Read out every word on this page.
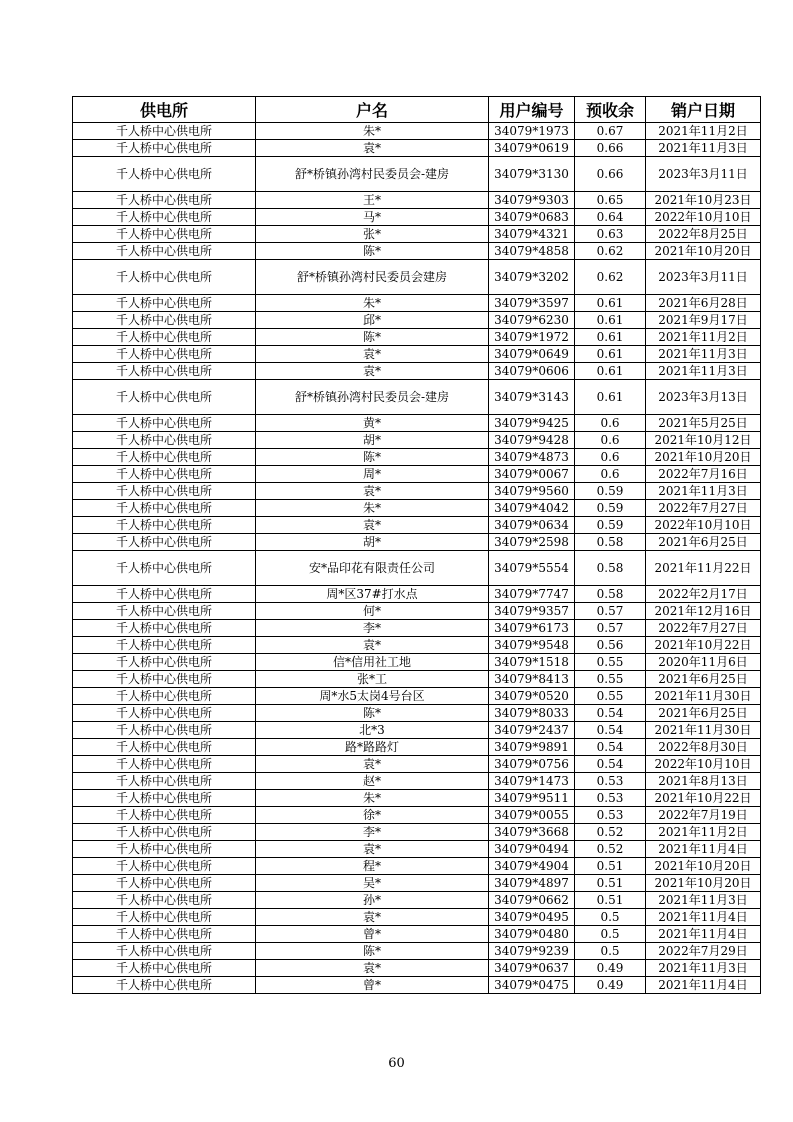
供电所	户名	用户编号	预收余	销户日期
千人桥中心供电所	朱*	34079*1973	0.67	2021年11月2日
千人桥中心供电所	袁*	34079*0619	0.66	2021年11月3日
千人桥中心供电所	舒*桥镇孙湾村民委员会-建房	34079*3130	0.66	2023年3月11日
千人桥中心供电所	王*	34079*9303	0.65	2021年10月23日
千人桥中心供电所	马*	34079*0683	0.64	2022年10月10日
千人桥中心供电所	张*	34079*4321	0.63	2022年8月25日
千人桥中心供电所	陈*	34079*4858	0.62	2021年10月20日
千人桥中心供电所	舒*桥镇孙湾村民委员会建房	34079*3202	0.62	2023年3月11日
千人桥中心供电所	朱*	34079*3597	0.61	2021年6月28日
千人桥中心供电所	邱*	34079*6230	0.61	2021年9月17日
千人桥中心供电所	陈*	34079*1972	0.61	2021年11月2日
千人桥中心供电所	袁*	34079*0649	0.61	2021年11月3日
千人桥中心供电所	袁*	34079*0606	0.61	2021年11月3日
千人桥中心供电所	舒*桥镇孙湾村民委员会-建房	34079*3143	0.61	2023年3月13日
千人桥中心供电所	黄*	34079*9425	0.6	2021年5月25日
千人桥中心供电所	胡*	34079*9428	0.6	2021年10月12日
千人桥中心供电所	陈*	34079*4873	0.6	2021年10月20日
千人桥中心供电所	周*	34079*0067	0.6	2022年7月16日
千人桥中心供电所	袁*	34079*9560	0.59	2021年11月3日
千人桥中心供电所	朱*	34079*4042	0.59	2022年7月27日
千人桥中心供电所	袁*	34079*0634	0.59	2022年10月10日
千人桥中心供电所	胡*	34079*2598	0.58	2021年6月25日
千人桥中心供电所	安*品印花有限责任公司	34079*5554	0.58	2021年11月22日
千人桥中心供电所	周*区37#打水点	34079*7747	0.58	2022年2月17日
千人桥中心供电所	何*	34079*9357	0.57	2021年12月16日
千人桥中心供电所	李*	34079*6173	0.57	2022年7月27日
千人桥中心供电所	袁*	34079*9548	0.56	2021年10月22日
千人桥中心供电所	信*信用社工地	34079*1518	0.55	2020年11月6日
千人桥中心供电所	张*工	34079*8413	0.55	2021年6月25日
千人桥中心供电所	周*水5太岗4号台区	34079*0520	0.55	2021年11月30日
千人桥中心供电所	陈*	34079*8033	0.54	2021年6月25日
千人桥中心供电所	北*3	34079*2437	0.54	2021年11月30日
千人桥中心供电所	路*路路灯	34079*9891	0.54	2022年8月30日
千人桥中心供电所	袁*	34079*0756	0.54	2022年10月10日
千人桥中心供电所	赵*	34079*1473	0.53	2021年8月13日
千人桥中心供电所	朱*	34079*9511	0.53	2021年10月22日
千人桥中心供电所	徐*	34079*0055	0.53	2022年7月19日
千人桥中心供电所	李*	34079*3668	0.52	2021年11月2日
千人桥中心供电所	袁*	34079*0494	0.52	2021年11月4日
千人桥中心供电所	程*	34079*4904	0.51	2021年10月20日
千人桥中心供电所	吴*	34079*4897	0.51	2021年10月20日
千人桥中心供电所	孙*	34079*0662	0.51	2021年11月3日
千人桥中心供电所	袁*	34079*0495	0.5	2021年11月4日
千人桥中心供电所	曾*	34079*0480	0.5	2021年11月4日
千人桥中心供电所	陈*	34079*9239	0.5	2022年7月29日
千人桥中心供电所	袁*	34079*0637	0.49	2021年11月3日
千人桥中心供电所	曾*	34079*0475	0.49	2021年11月4日
60
